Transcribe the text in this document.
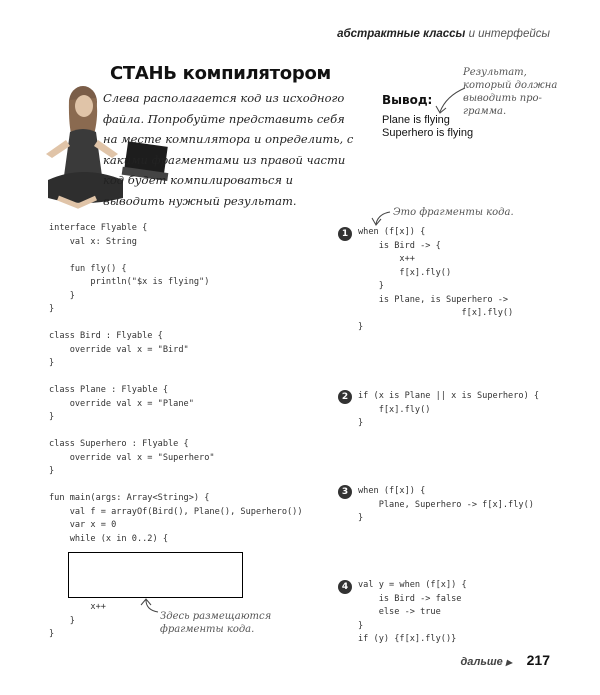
абстрактные классы и интерфейсы
СТАНЬ компилятором
Слева располагается код из исходного файла. Попробуйте представить себя на месте компилятора и определить, с какими фрагментами из правой части код будет компилироваться и выводить нужный результат.
Вывод:
Plane is flying
Superhero is flying
Результат,
который должна
выводить про-
грамма.
Это фрагменты кода.
Здесь размещаются
фрагменты кода.
interface Flyable {
val x: String

fun fly() {
println("$x is flying")
}
}

class Bird : Flyable {
override val x = "Bird"
}

class Plane : Flyable {
override val x = "Plane"
}

class Superhero : Flyable {
override val x = "Superhero"
}

fun main(args: Array<String>) {
val f = arrayOf(Bird(), Plane(), Superhero())
var x = 0
while (x in 0..2) {
x++
}
}
1	when (f[x]) {
is Bird -> {
x++
f[x].fly()
}
is Plane, is Superhero ->
f[x].fly()
}
2	if (x is Plane || x is Superhero) {
f[x].fly()
}
3	when (f[x]) {
Plane, Superhero -> f[x].fly()
}
4	val y = when (f[x]) {
is Bird -> false
else -> true
}
if (y) {f[x].fly()}
дальше ▶ 217
